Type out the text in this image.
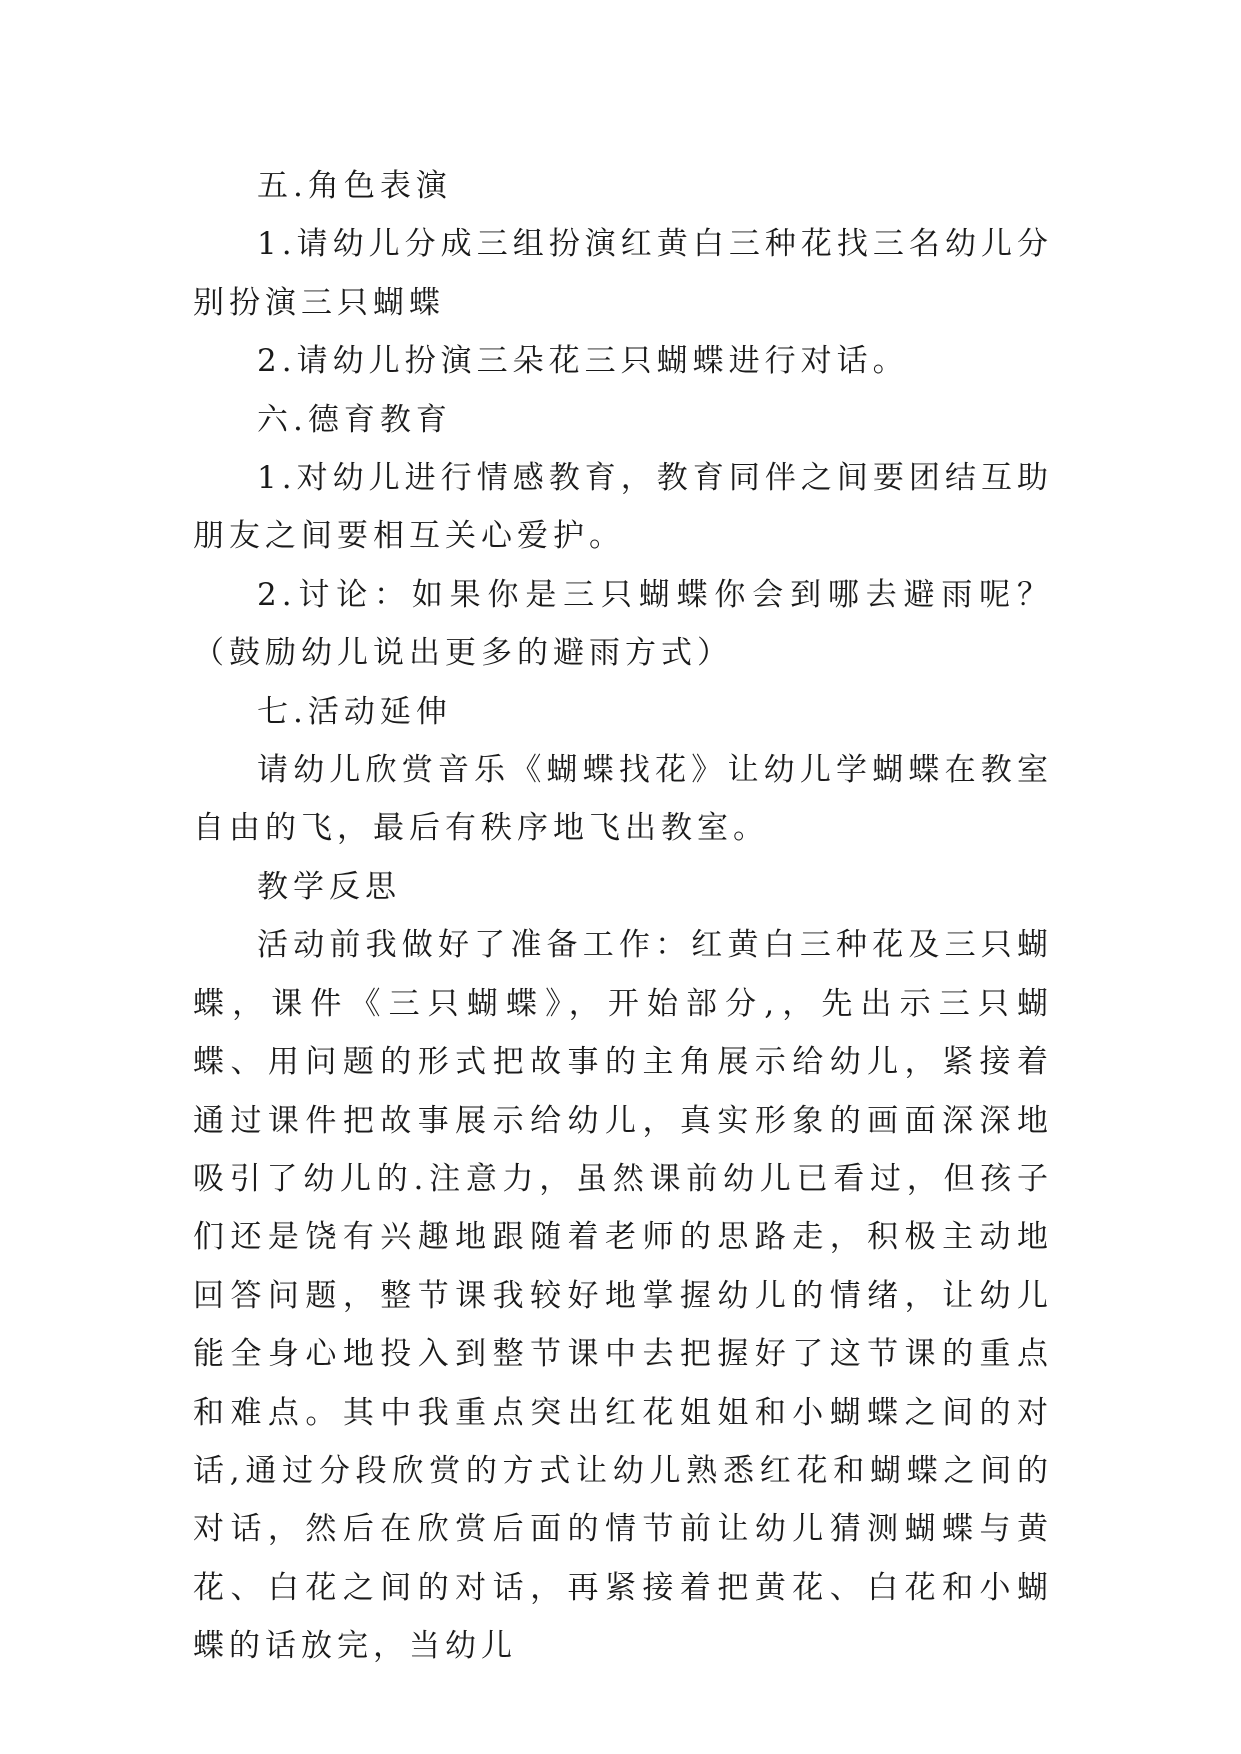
五.角色表演

1.请幼儿分成三组扮演红黄白三种花找三名幼儿分别扮演三只蝴蝶

2.请幼儿扮演三朵花三只蝴蝶进行对话。

六.德育教育

1.对幼儿进行情感教育，教育同伴之间要团结互助朋友之间要相互关心爱护。

2.讨论：如果你是三只蝴蝶你会到哪去避雨呢？（鼓励幼儿说出更多的避雨方式）

七.活动延伸

请幼儿欣赏音乐《蝴蝶找花》让幼儿学蝴蝶在教室自由的飞，最后有秩序地飞出教室。

教学反思

活动前我做好了准备工作：红黄白三种花及三只蝴蝶，课件《三只蝴蝶》，开始部分,，先出示三只蝴蝶、用问题的形式把故事的主角展示给幼儿，紧接着通过课件把故事展示给幼儿，真实形象的画面深深地吸引了幼儿的.注意力，虽然课前幼儿已看过，但孩子们还是饶有兴趣地跟随着老师的思路走，积极主动地回答问题，整节课我较好地掌握幼儿的情绪，让幼儿能全身心地投入到整节课中去把握好了这节课的重点和难点。其中我重点突出红花姐姐和小蝴蝶之间的对话,通过分段欣赏的方式让幼儿熟悉红花和蝴蝶之间的对话，然后在欣赏后面的情节前让幼儿猜测蝴蝶与黄花、白花之间的对话，再紧接着把黄花、白花和小蝴蝶的话放完，当幼儿
